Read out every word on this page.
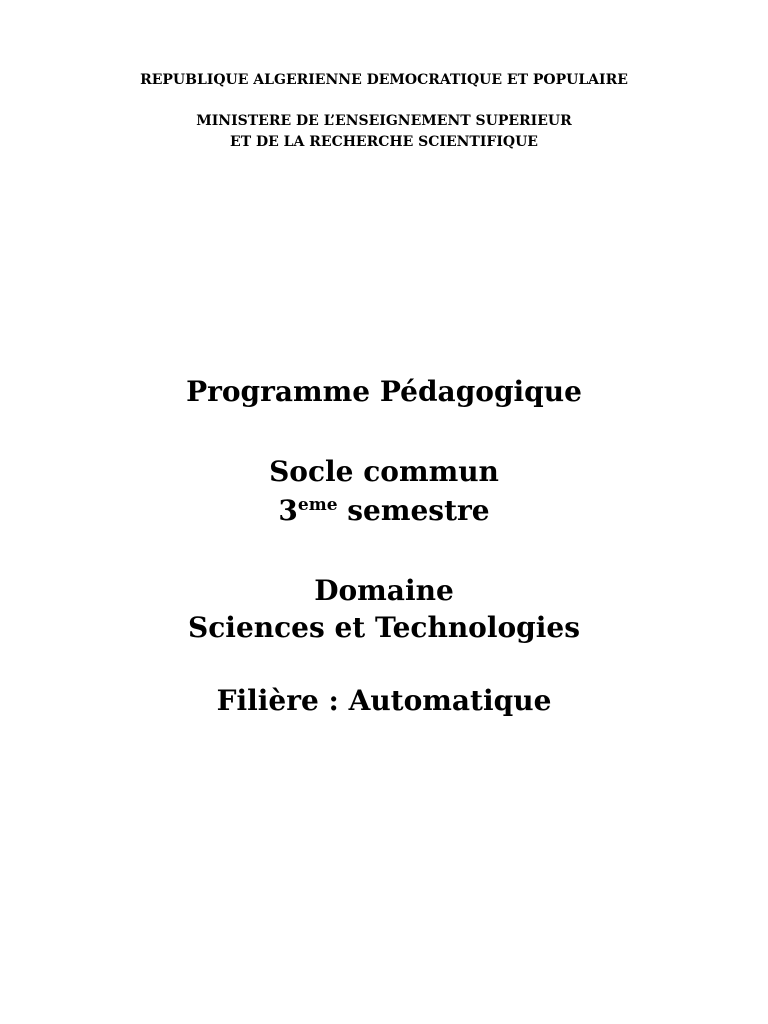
REPUBLIQUE ALGERIENNE DEMOCRATIQUE ET POPULAIRE
MINISTERE DE L’ENSEIGNEMENT SUPERIEUR
ET DE LA RECHERCHE SCIENTIFIQUE
Programme Pédagogique
Socle commun
3eme semestre
Domaine
Sciences et Technologies
Filière : Automatique
